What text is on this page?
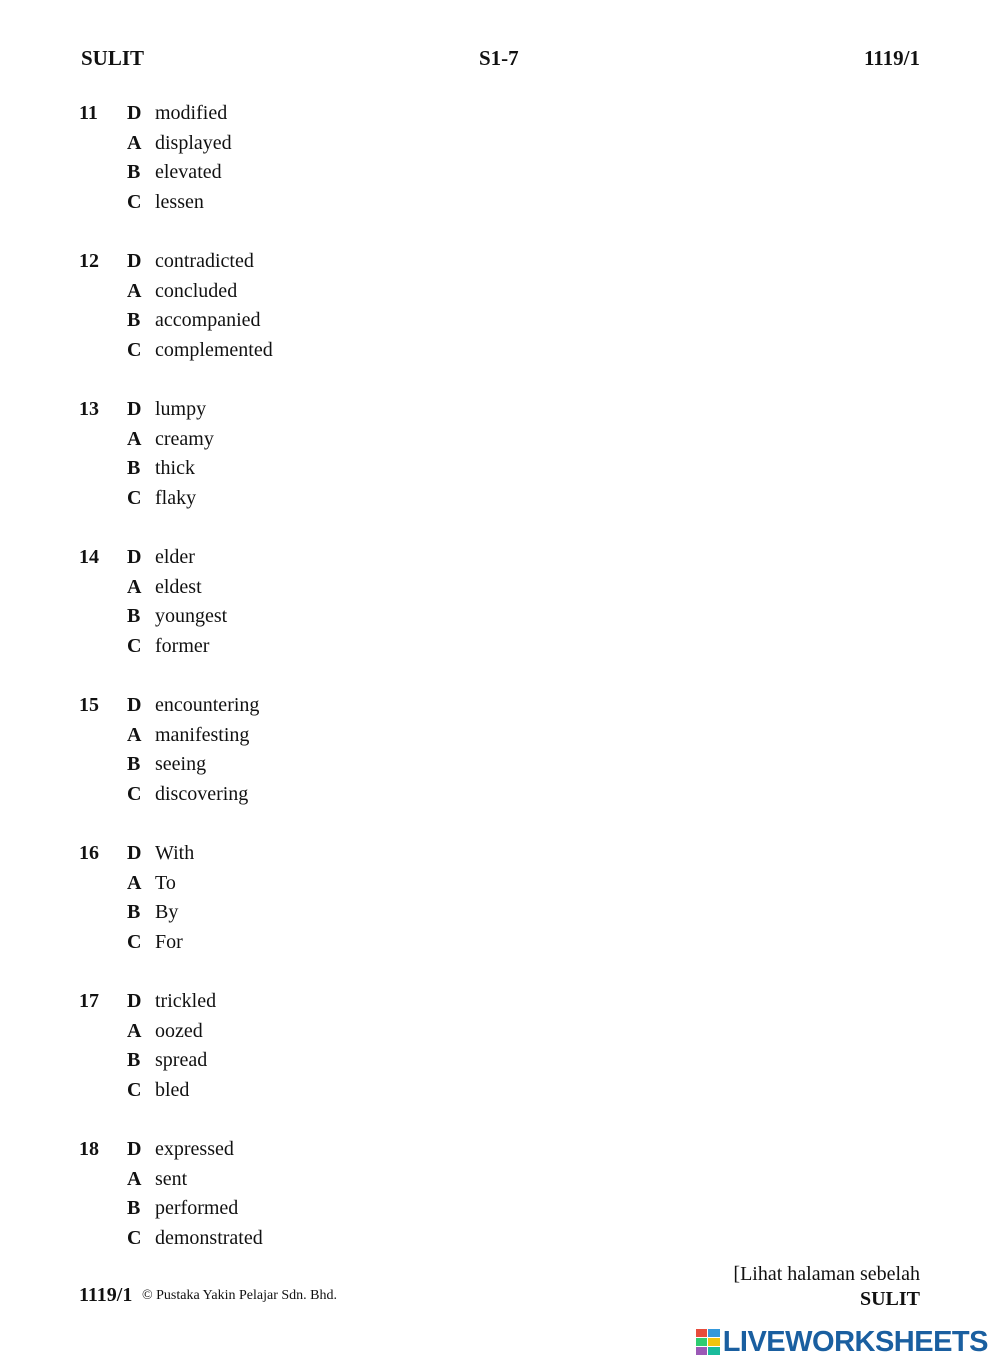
SULIT	S1-7	1119/1
11
A displayed
B elevated
C lessen
D modified
12
A concluded
B accompanied
C complemented
D contradicted
13
A creamy
B thick
C flaky
D lumpy
14
A eldest
B youngest
C former
D elder
15
A manifesting
B seeing
C discovering
D encountering
16
A To
B By
C For
D With
17
A oozed
B spread
C bled
D trickled
18
A sent
B performed
C demonstrated
D expressed
1119/1 © Pustaka Yakin Pelajar Sdn. Bhd.
[Lihat halaman sebelah
SULIT
LIVEWORKSHEETS
